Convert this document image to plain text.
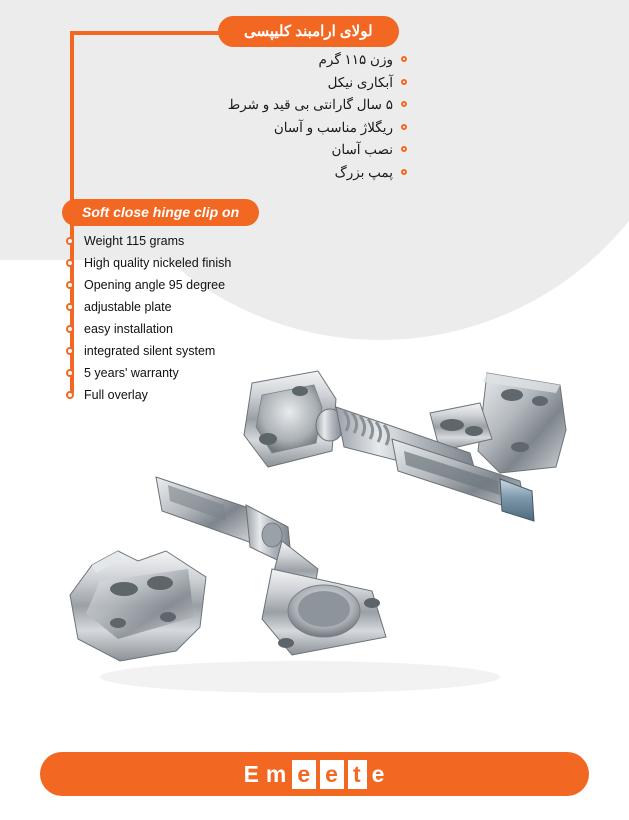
لولای ارامبند کلیپسی
وزن ۱۱۵ گرم
آبکاری نیکل
۵ سال گارانتی بی قید و شرط
ریگلاژ مناسب و آسان
نصب آسان
پمپ بزرگ
Soft close hinge clip on
Weight 115 grams
High quality nickeled finish
Opening angle 95 degree
adjustable plate
easy installation
integrated silent system
5 years' warranty
Full overlay
E m e e t e
